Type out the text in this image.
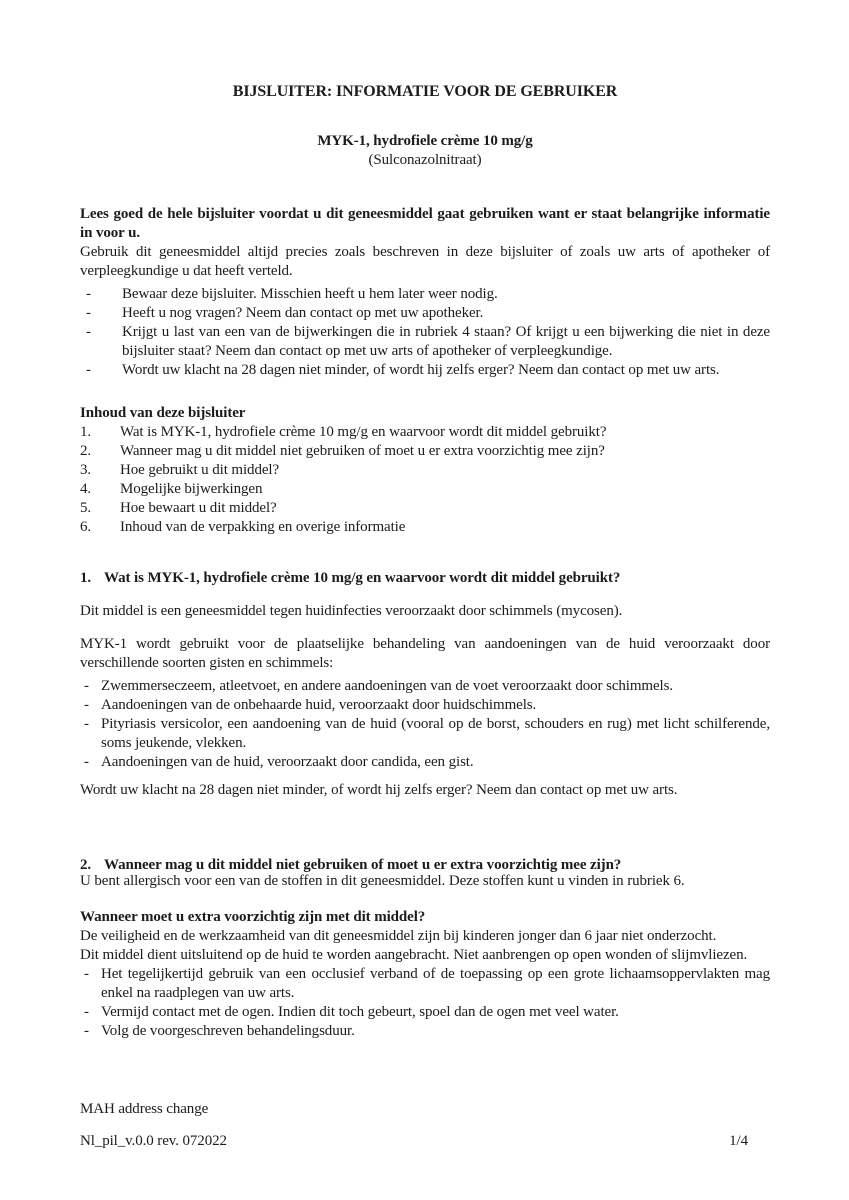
BIJSLUITER: INFORMATIE VOOR DE GEBRUIKER

MYK-1, hydrofiele crème 10 mg/g

(Sulconazolnitraat)

Lees goed de hele bijsluiter voordat u dit geneesmiddel gaat gebruiken want er staat belangrijke informatie in voor u.

Gebruik dit geneesmiddel altijd precies zoals beschreven in deze bijsluiter of zoals uw arts of apotheker of verpleegkundige u dat heeft verteld.

- Bewaar deze bijsluiter. Misschien heeft u hem later weer nodig.
- Heeft u nog vragen? Neem dan contact op met uw apotheker.
- Krijgt u last van een van de bijwerkingen die in rubriek 4 staan? Of krijgt u een bijwerking die niet in deze bijsluiter staat? Neem dan contact op met uw arts of apotheker of verpleegkundige.
- Wordt uw klacht na 28 dagen niet minder, of wordt hij zelfs erger? Neem dan contact op met uw arts.

Inhoud van deze bijsluiter

1. Wat is MYK-1, hydrofiele crème 10 mg/g en waarvoor wordt dit middel gebruikt?
2. Wanneer mag u dit middel niet gebruiken of moet u er extra voorzichtig mee zijn?
3. Hoe gebruikt u dit middel?
4. Mogelijke bijwerkingen
5. Hoe bewaart u dit middel?
6. Inhoud van de verpakking en overige informatie
1. Wat is MYK-1, hydrofiele crème 10 mg/g en waarvoor wordt dit middel gebruikt?

Dit middel is een geneesmiddel tegen huidinfecties veroorzaakt door schimmels (mycosen).

MYK-1 wordt gebruikt voor de plaatselijke behandeling van aandoeningen van de huid veroorzaakt door verschillende soorten gisten en schimmels:

- Zwemmerseczeem, atleetvoet, en andere aandoeningen van de voet veroorzaakt door schimmels.
- Aandoeningen van de onbehaarde huid, veroorzaakt door huidschimmels.
- Pityriasis versicolor, een aandoening van de huid (vooral op de borst, schouders en rug) met licht schilferende, soms jeukende, vlekken.
- Aandoeningen van de huid, veroorzaakt door candida, een gist.

Wordt uw klacht na 28 dagen niet minder, of wordt hij zelfs erger? Neem dan contact op met uw arts.

2. Wanneer mag u dit middel niet gebruiken of moet u er extra voorzichtig mee zijn?

U bent allergisch voor een van de stoffen in dit geneesmiddel. Deze stoffen kunt u vinden in rubriek 6.

Wanneer moet u extra voorzichtig zijn met dit middel?

De veiligheid en de werkzaamheid van dit geneesmiddel zijn bij kinderen jonger dan 6 jaar niet onderzocht.

Dit middel dient uitsluitend op de huid te worden aangebracht. Niet aanbrengen op open wonden of slijmvliezen.

- Het tegelijkertijd gebruik van een occlusief verband of de toepassing op een grote lichaamsoppervlakten mag enkel na raadplegen van uw arts.
- Vermijd contact met de ogen. Indien dit toch gebeurt, spoel dan de ogen met veel water.
- Volg de voorgeschreven behandelingsduur.

MAH address change

Nl_pil_v.0.0 rev. 072022	1/4
